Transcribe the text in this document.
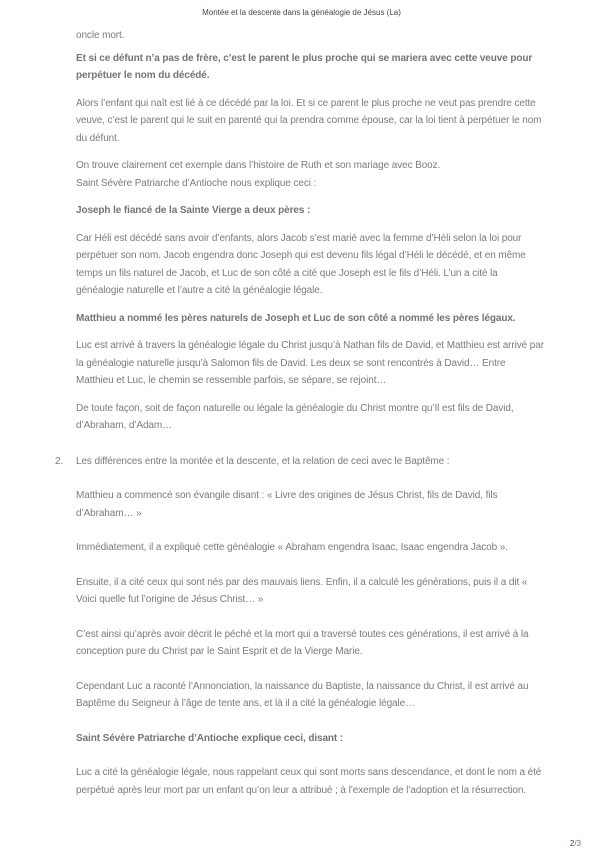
Montée et la descente dans la généalogie de Jésus (La)

oncle mort.

Et si ce défunt n’a pas de frère, c’est le parent le plus proche qui se mariera avec cette veuve pour perpétuer le nom du décédé.

Alors l’enfant qui naît est lié à ce décédé par la loi. Et si ce parent le plus proche ne veut pas prendre cette veuve, c’est le parent qui le suit en parenté qui la prendra comme épouse, car la loi tient à perpétuer le nom du défunt.

On trouve clairement cet exemple dans l’histoire de Ruth et son mariage avec Booz.
Saint Sévère Patriarche d’Antioche nous explique ceci :

Joseph le fiancé de la Sainte Vierge a deux pères :

Car Héli est décédé sans avoir d’enfants, alors Jacob s’est marié avec la femme d’Héli selon la loi pour perpétuer son nom. Jacob engendra donc Joseph qui est devenu fils légal d’Héli le décédé, et en même temps un fils naturel de Jacob, et Luc de son côté a cité que Joseph est le fils d’Héli. L’un a cité la généalogie naturelle et l’autre a cité la généalogie légale.

Matthieu a nommé les pères naturels de Joseph et Luc de son côté a nommé les pères légaux.

Luc est arrivé à travers la généalogie légale du Christ jusqu’à Nathan fils de David, et Matthieu est arrivé par la généalogie naturelle jusqu’à Salomon fils de David. Les deux se sont rencontrés à David… Entre Matthieu et Luc, le chemin se ressemble parfois, se sépare, se rejoint…

De toute façon, soit de façon naturelle ou légale la généalogie du Christ montre qu’Il est fils de David, d’Abraham, d’Adam…

2. Les différences entre la montée et la descente, et la relation de ceci avec le Baptême :

Matthieu a commencé son évangile disant : « Livre des origines de Jésus Christ, fils de David, fils d’Abraham… »

Immédiatement, il a expliqué cette généalogie « Abraham engendra Isaac, Isaac engendra Jacob ».

Ensuite, il a cité ceux qui sont nés par des mauvais liens. Enfin, il a calculé les générations, puis il a dit « Voici quelle fut l’origine de Jésus Christ… »

C’est ainsi qu’après avoir décrit le péché et la mort qui a traversé toutes ces générations, il est arrivé à la conception pure du Christ par le Saint Esprit et de la Vierge Marie.

Cependant Luc a raconté l’Annonciation, la naissance du Baptiste, la naissance du Christ, il est arrivé au Baptême du Seigneur à l’âge de tente ans, et là il a cité la généalogie légale…

Saint Sévère Patriarche d’Antioche explique ceci, disant :

Luc a cité la généalogie légale, nous rappelant ceux qui sont morts sans descendance, et dont le nom a été perpétué après leur mort par un enfant qu’on leur a attribué ; à l’exemple de l’adoption et la résurrection.

2/3
